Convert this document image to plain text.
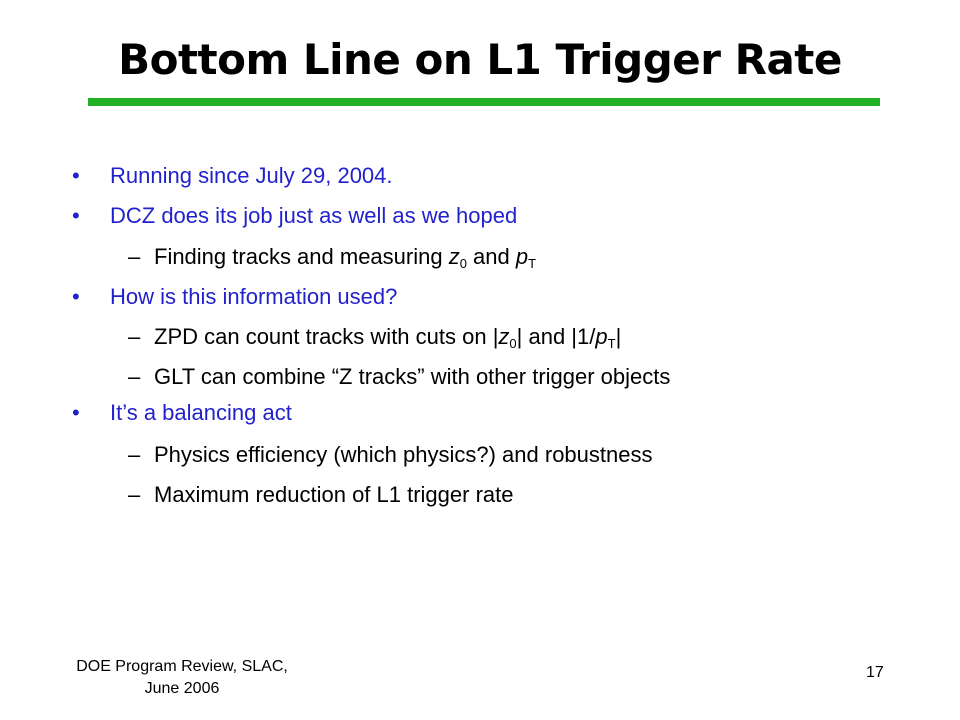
Bottom Line on L1 Trigger Rate
• Running since July 29, 2004.
• DCZ does its job just as well as we hoped
– Finding tracks and measuring $z_0$ and $p_T$
• How is this information used?
– ZPD can count tracks with cuts on $|z_0|$ and $|1/p_T|$
– GLT can combine “Z tracks” with other trigger objects
• It’s a balancing act
– Physics efficiency (which physics?) and robustness
– Maximum reduction of L1 trigger rate
DOE Program Review, SLAC,
June 2006
17
